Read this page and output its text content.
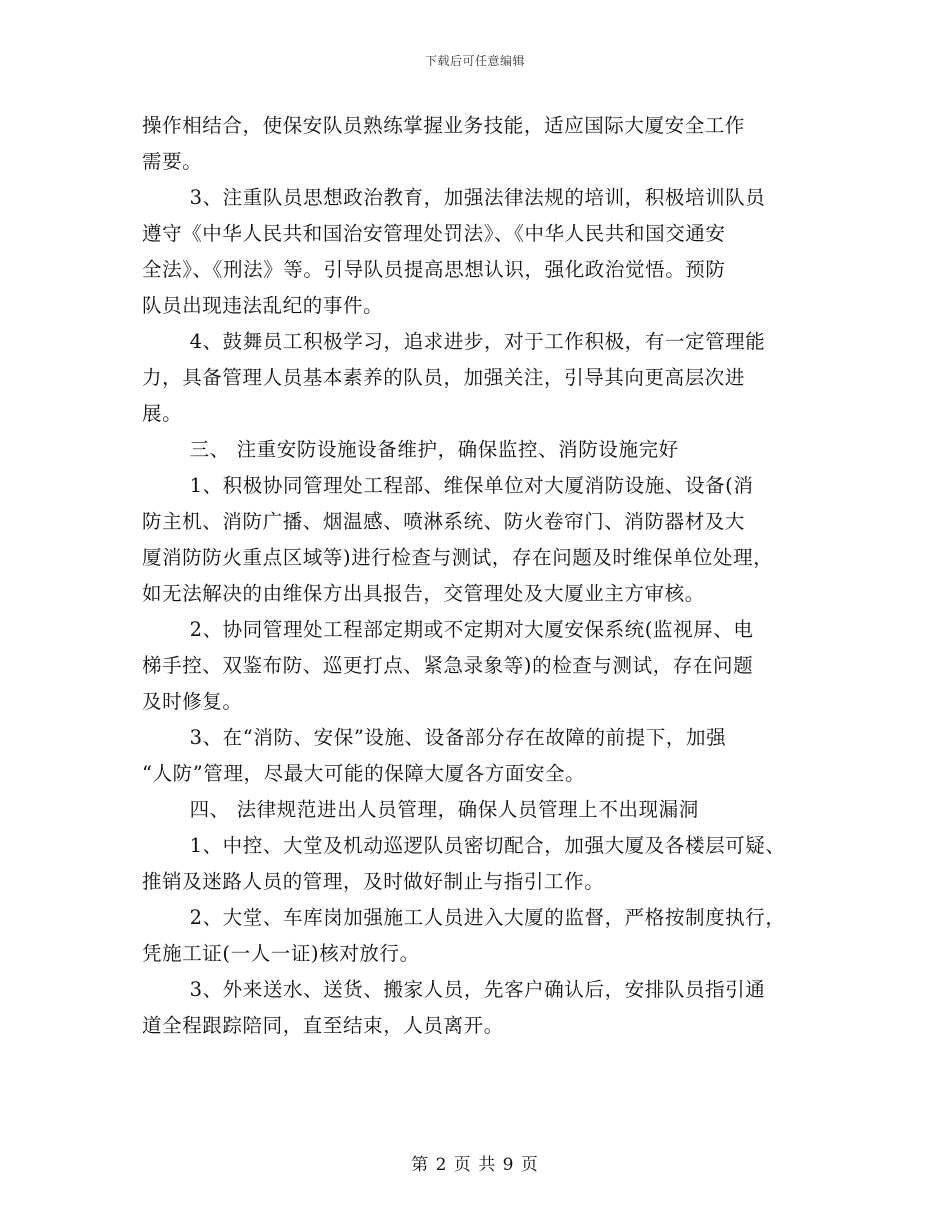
下载后可任意编辑
操作相结合，使保安队员熟练掌握业务技能，适应国际大厦安全工作
需要。
3、注重队员思想政治教育，加强法律法规的培训，积极培训队员
遵守《中华人民共和国治安管理处罚法》、《中华人民共和国交通安
全法》、《刑法》等。引导队员提高思想认识，强化政治觉悟。预防
队员出现违法乱纪的事件。
4、鼓舞员工积极学习，追求进步，对于工作积极，有一定管理能
力，具备管理人员基本素养的队员，加强关注，引导其向更高层次进
展。
三、 注重安防设施设备维护，确保监控、消防设施完好
1、积极协同管理处工程部、维保单位对大厦消防设施、设备(消
防主机、消防广播、烟温感、喷淋系统、防火卷帘门、消防器材及大
厦消防防火重点区域等)进行检查与测试，存在问题及时维保单位处理，
如无法解决的由维保方出具报告，交管理处及大厦业主方审核。
2、协同管理处工程部定期或不定期对大厦安保系统(监视屏、电
梯手控、双鉴布防、巡更打点、紧急录象等)的检查与测试，存在问题
及时修复。
3、在“消防、安保”设施、设备部分存在故障的前提下，加强
“人防”管理，尽最大可能的保障大厦各方面安全。
四、 法律规范进出人员管理，确保人员管理上不出现漏洞
1、中控、大堂及机动巡逻队员密切配合，加强大厦及各楼层可疑、
推销及迷路人员的管理，及时做好制止与指引工作。
2、大堂、车库岗加强施工人员进入大厦的监督，严格按制度执行，
凭施工证(一人一证)核对放行。
3、外来送水、送货、搬家人员，先客户确认后，安排队员指引通
道全程跟踪陪同，直至结束，人员离开。
第 2 页 共 9 页
